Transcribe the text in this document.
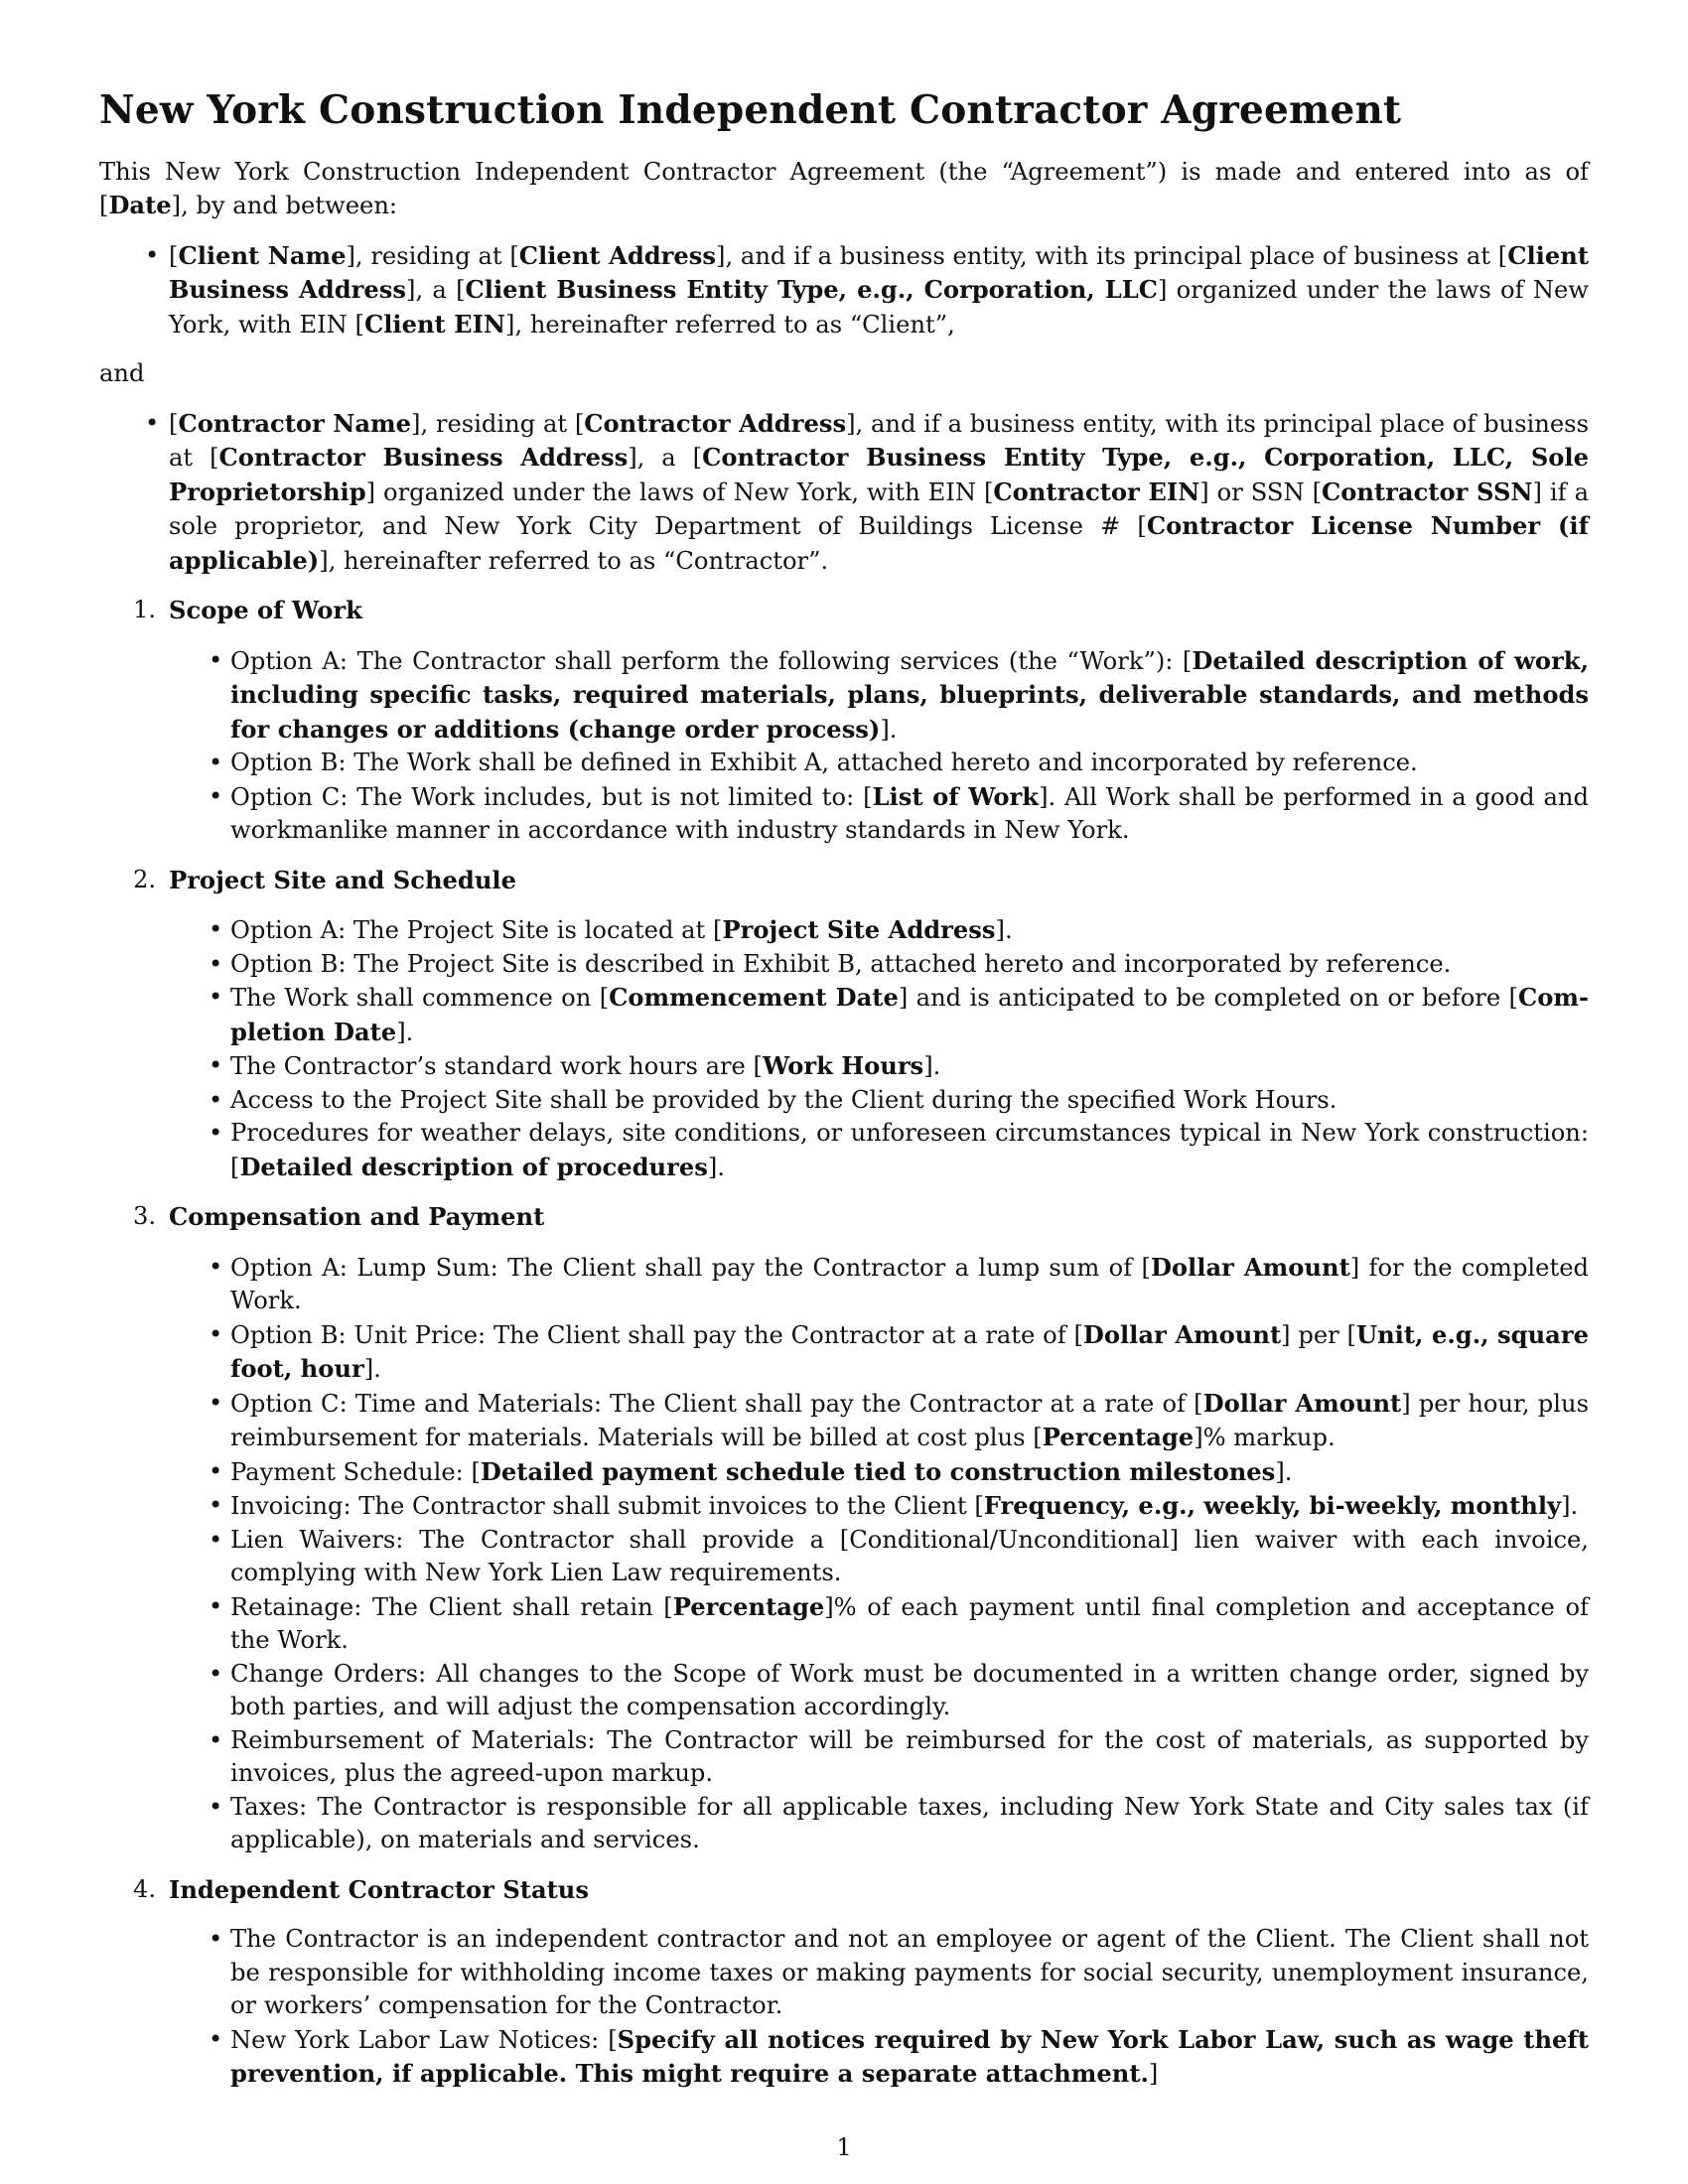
New York Construction Independent Contractor Agreement

This New York Construction Independent Contractor Agreement (the “Agreement”) is made and entered into as of [Date], by and between:

• [Client Name], residing at [Client Address], and if a business entity, with its principal place of business at [Client Business Address], a [Client Business Entity Type, e.g., Corporation, LLC] organized under the laws of New York, with EIN [Client EIN], hereinafter referred to as “Client”,

and

• [Contractor Name], residing at [Contractor Address], and if a business entity, with its principal place of business at [Contractor Business Address], a [Contractor Business Entity Type, e.g., Corporation, LLC, Sole Proprietorship] organized under the laws of New York, with EIN [Contractor EIN] or SSN [Contractor SSN] if a sole proprietor, and New York City Department of Buildings License # [Contractor License Number (if applicable)], hereinafter referred to as “Contractor”.
1. Scope of Work
• Option A: The Contractor shall perform the following services (the “Work”): [Detailed description of work, including specific tasks, required materials, plans, blueprints, deliverable standards, and methods for changes or additions (change order process)].
• Option B: The Work shall be defined in Exhibit A, attached hereto and incorporated by reference.
• Option C: The Work includes, but is not limited to: [List of Work]. All Work shall be performed in a good and workmanlike manner in accordance with industry standards in New York.
2. Project Site and Schedule
• Option A: The Project Site is located at [Project Site Address].
• Option B: The Project Site is described in Exhibit B, attached hereto and incorporated by reference.
• The Work shall commence on [Commencement Date] and is anticipated to be completed on or before [Completion Date].
• The Contractor’s standard work hours are [Work Hours].
• Access to the Project Site shall be provided by the Client during the specified Work Hours.
• Procedures for weather delays, site conditions, or unforeseen circumstances typical in New York construction: [Detailed description of procedures].
3. Compensation and Payment
• Option A: Lump Sum: The Client shall pay the Contractor a lump sum of [Dollar Amount] for the completed Work.
• Option B: Unit Price: The Client shall pay the Contractor at a rate of [Dollar Amount] per [Unit, e.g., square foot, hour].
• Option C: Time and Materials: The Client shall pay the Contractor at a rate of [Dollar Amount] per hour, plus reimbursement for materials. Materials will be billed at cost plus [Percentage]% markup.
• Payment Schedule: [Detailed payment schedule tied to construction milestones].
• Invoicing: The Contractor shall submit invoices to the Client [Frequency, e.g., weekly, bi-weekly, monthly].
• Lien Waivers: The Contractor shall provide a [Conditional/Unconditional] lien waiver with each invoice, complying with New York Lien Law requirements.
• Retainage: The Client shall retain [Percentage]% of each payment until final completion and acceptance of the Work.
• Change Orders: All changes to the Scope of Work must be documented in a written change order, signed by both parties, and will adjust the compensation accordingly.
• Reimbursement of Materials: The Contractor will be reimbursed for the cost of materials, as supported by invoices, plus the agreed-upon markup.
• Taxes: The Contractor is responsible for all applicable taxes, including New York State and City sales tax (if applicable), on materials and services.
4. Independent Contractor Status
• The Contractor is an independent contractor and not an employee or agent of the Client. The Client shall not be responsible for withholding income taxes or making payments for social security, unemployment insurance, or workers’ compensation for the Contractor.
• New York Labor Law Notices: [Specify all notices required by New York Labor Law, such as wage theft prevention, if applicable. This might require a separate attachment.]
1
